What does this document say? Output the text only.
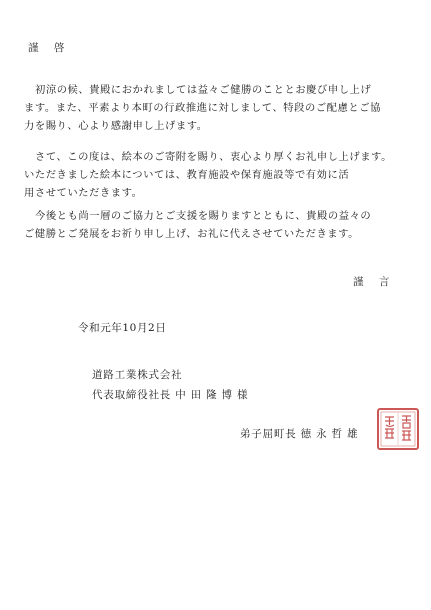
謹 啓
初涼の候、貴殿におかれましては益々ご健勝のこととお慶び申し上げ
ます。また、平素より本町の行政推進に対しまして、特段のご配慮とご協
力を賜り、心より感謝申し上げます。
さて、この度は、絵本のご寄附を賜り、衷心より厚くお礼申し上げます。
いただきました絵本については、教育施設や保育施設等で有効に活
用させていただきます。
今後とも尚一層のご協力とご支援を賜りますとともに、貴殿の益々の
ご健勝とご発展をお祈り申し上げ、お礼に代えさせていただきます。
謹 言
令和元年10月2日
道路工業株式会社
代表取締役社長 中 田 隆 博 様
弟子屈町長 徳 永 哲 雄
